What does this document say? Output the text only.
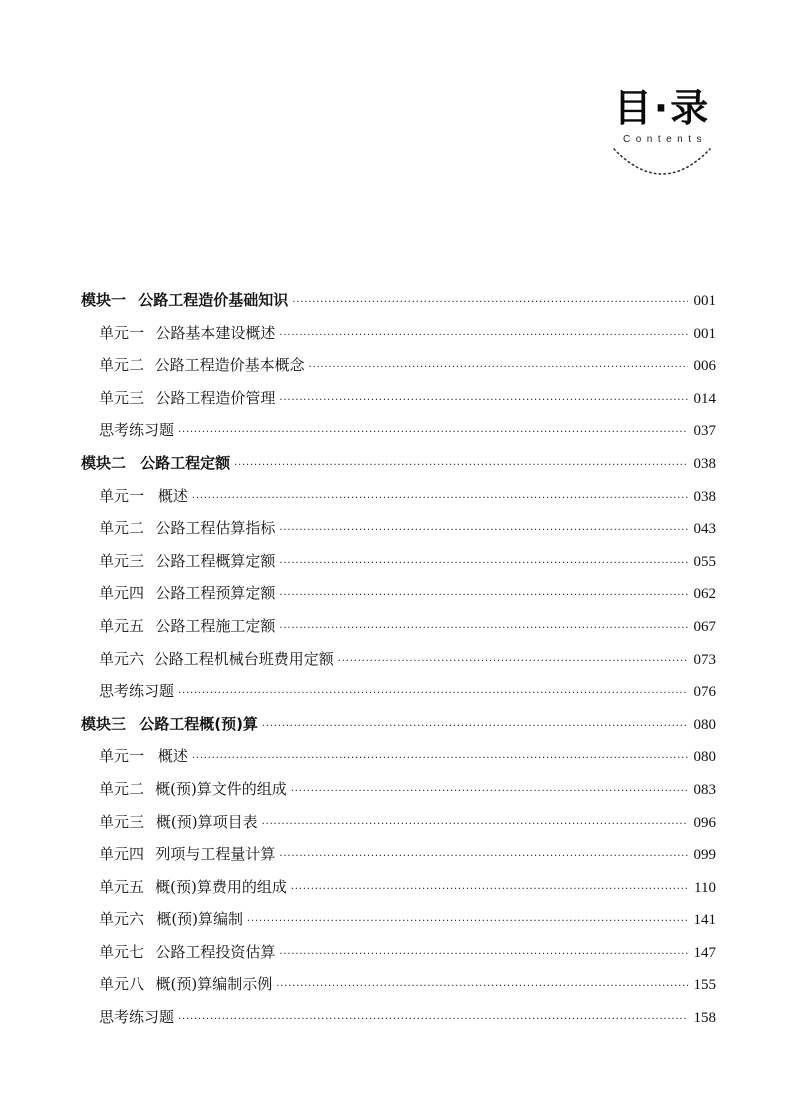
目·录
Contents
模块一 公路工程造价基础知识 ·····	001
单元一 公路基本建设概述 ·····	001
单元二 公路工程造价基本概念 ·····	006
单元三 公路工程造价管理 ·····	014
思考练习题 ·····	037
模块二 公路工程定额 ·····	038
单元一 概述 ·····	038
单元二 公路工程估算指标 ·····	043
单元三 公路工程概算定额 ·····	055
单元四 公路工程预算定额 ·····	062
单元五 公路工程施工定额 ·····	067
单元六 公路工程机械台班费用定额 ·····	073
思考练习题 ·····	076
模块三 公路工程概(预)算 ·····	080
单元一 概述 ·····	080
单元二 概(预)算文件的组成 ·····	083
单元三 概(预)算项目表 ·····	096
单元四 列项与工程量计算 ·····	099
单元五 概(预)算费用的组成 ·····	110
单元六 概(预)算编制 ·····	141
单元七 公路工程投资估算 ·····	147
单元八 概(预)算编制示例 ·····	155
思考练习题 ·····	158
